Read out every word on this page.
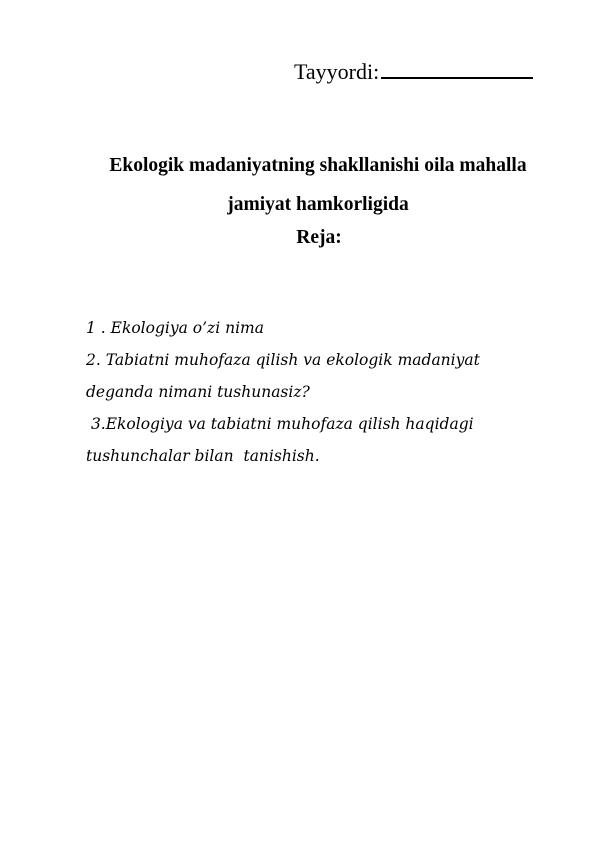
Tayyordi:
Ekologik madaniyatning shakllanishi oila mahalla
jamiyat hamkorligida
Reja:
1 . Ekologiya o’zi nima
2. Tabiatni muhofaza qilish va ekologik madaniyat
deganda nimani tushunasiz?
3.Ekologiya va tabiatni muhofaza qilish haqidagi
tushunchalar bilan  tanishish.
